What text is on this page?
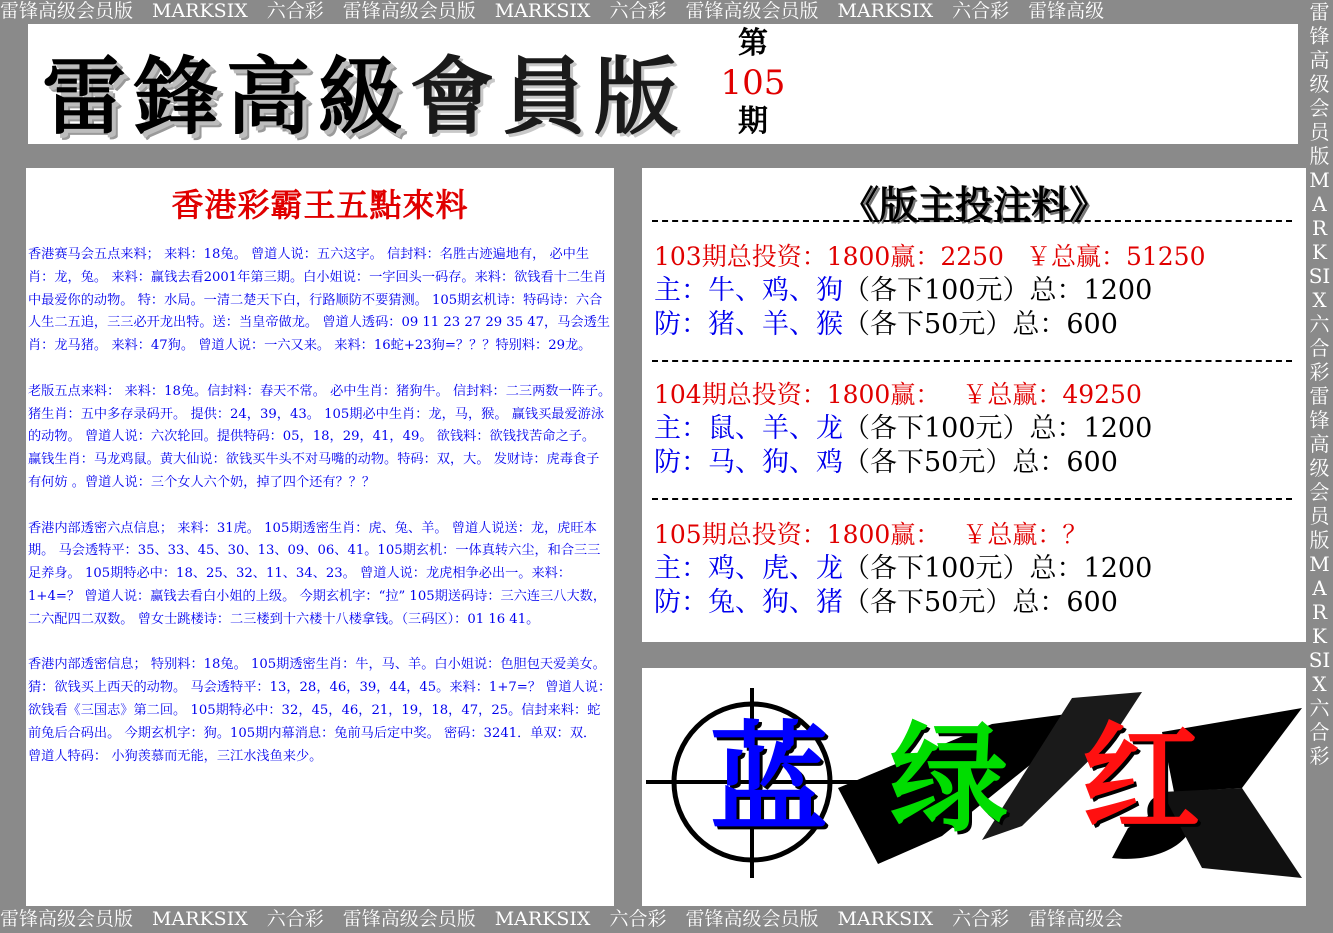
雷锋高级会员版　MARKSIX　六合彩　雷锋高级会员版　MARKSIX　六合彩　雷锋高级会员版　MARKSIX　六合彩　雷锋高级	雷锋高级会员版MARKSIX六合彩雷锋高级会员版MARKSIX六合彩
雷锋高级会员版　MARKSIX　六合彩　雷锋高级会员版　MARKSIX　六合彩　雷锋高级会员版　MARKSIX　六合彩　雷锋高级会
雷鋒高級會員版
第
105
期
香港彩霸王五點來料

香港赛马会五点来料； 来料：18兔。 曾道人说：五六这字。 信封料：名胜古迹遍地有， 必中生肖：龙，兔。 来料：赢钱去看2001年第三期。白小姐说：一字回头一码存。来料：欲钱看十二生肖中最爱你的动物。 特：水局。一清二楚天下白，行路顺防不要猜测。 105期玄机诗：特码诗：六合人生二五追，三三必开龙出特。送：当皇帝做龙。 曾道人透码：09 11 23 27 29 35 47，马会透生肖：龙马猪。 来料：47狗。 曾道人说：一六又来。 来料：16蛇+23狗=？？？特别料：29龙。

老版五点来料： 来料：18兔。信封料：春天不常。 必中生肖：猪狗牛。 信封料：二三两数一阵子。猪生肖：五中多存录码开。 提供：24，39，43。 105期必中生肖：龙，马，猴。 赢钱买最爱游泳的动物。 曾道人说：六次轮回。提供特码：05，18，29，41，49。 欲钱料：欲钱找苦命之子。 赢钱生肖：马龙鸡鼠。黄大仙说：欲钱买牛头不对马嘴的动物。特码：双，大。 发财诗：虎毒食子有何妨 。曾道人说：三个女人六个奶，掉了四个还有？？？

香港内部透密六点信息； 来料：31虎。 105期透密生肖：虎、兔、羊。 曾道人说送：龙，虎旺本期。 马会透特平：35、33、45、30、13、09、06、41。105期玄机：一体真转六尘，和合三三足养身。 105期特必中：18、25、32、11、34、23。 曾道人说：龙虎相争必出一。来料：1+4=？ 曾道人说：赢钱去看白小姐的上级。 今期玄机字：“拉” 105期送码诗：三六连三八大数，二六配四二双数。 曾女士跳楼诗：二三楼到十六楼十八楼拿钱。（三码区）：01 16 41。

香港内部透密信息； 特别料：18兔。 105期透密生肖：牛，马、羊。白小姐说：色胆包天爱美女。猜：欲钱买上西天的动物。 马会透特平：13，28，46，39，44，45。来料：1+7=？ 曾道人说：欲钱看《三国志》第二回。 105期特必中：32，45，46，21，19，18，47，25。信封来料：蛇前兔后合码出。 今期玄机字：狗。105期内幕消息：兔前马后定中奖。 密码：3241．单双：双． 曾道人特码： 小狗羡慕而无能，三江水浅鱼来少。

《版主投注料》
103期总投资：1800赢：2250 ￥总赢：51250
主：牛、鸡、狗（各下100元）总：1200
防：猪、羊、猴（各下50元）总：600
104期总投资：1800赢： ￥总赢：49250
主：鼠、羊、龙（各下100元）总：1200
防：马、狗、鸡（各下50元）总：600
105期总投资：1800赢： ￥总赢：？
主：鸡、虎、龙（各下100元）总：1200
防：兔、狗、猪（各下50元）总：600
蓝 绿 红
